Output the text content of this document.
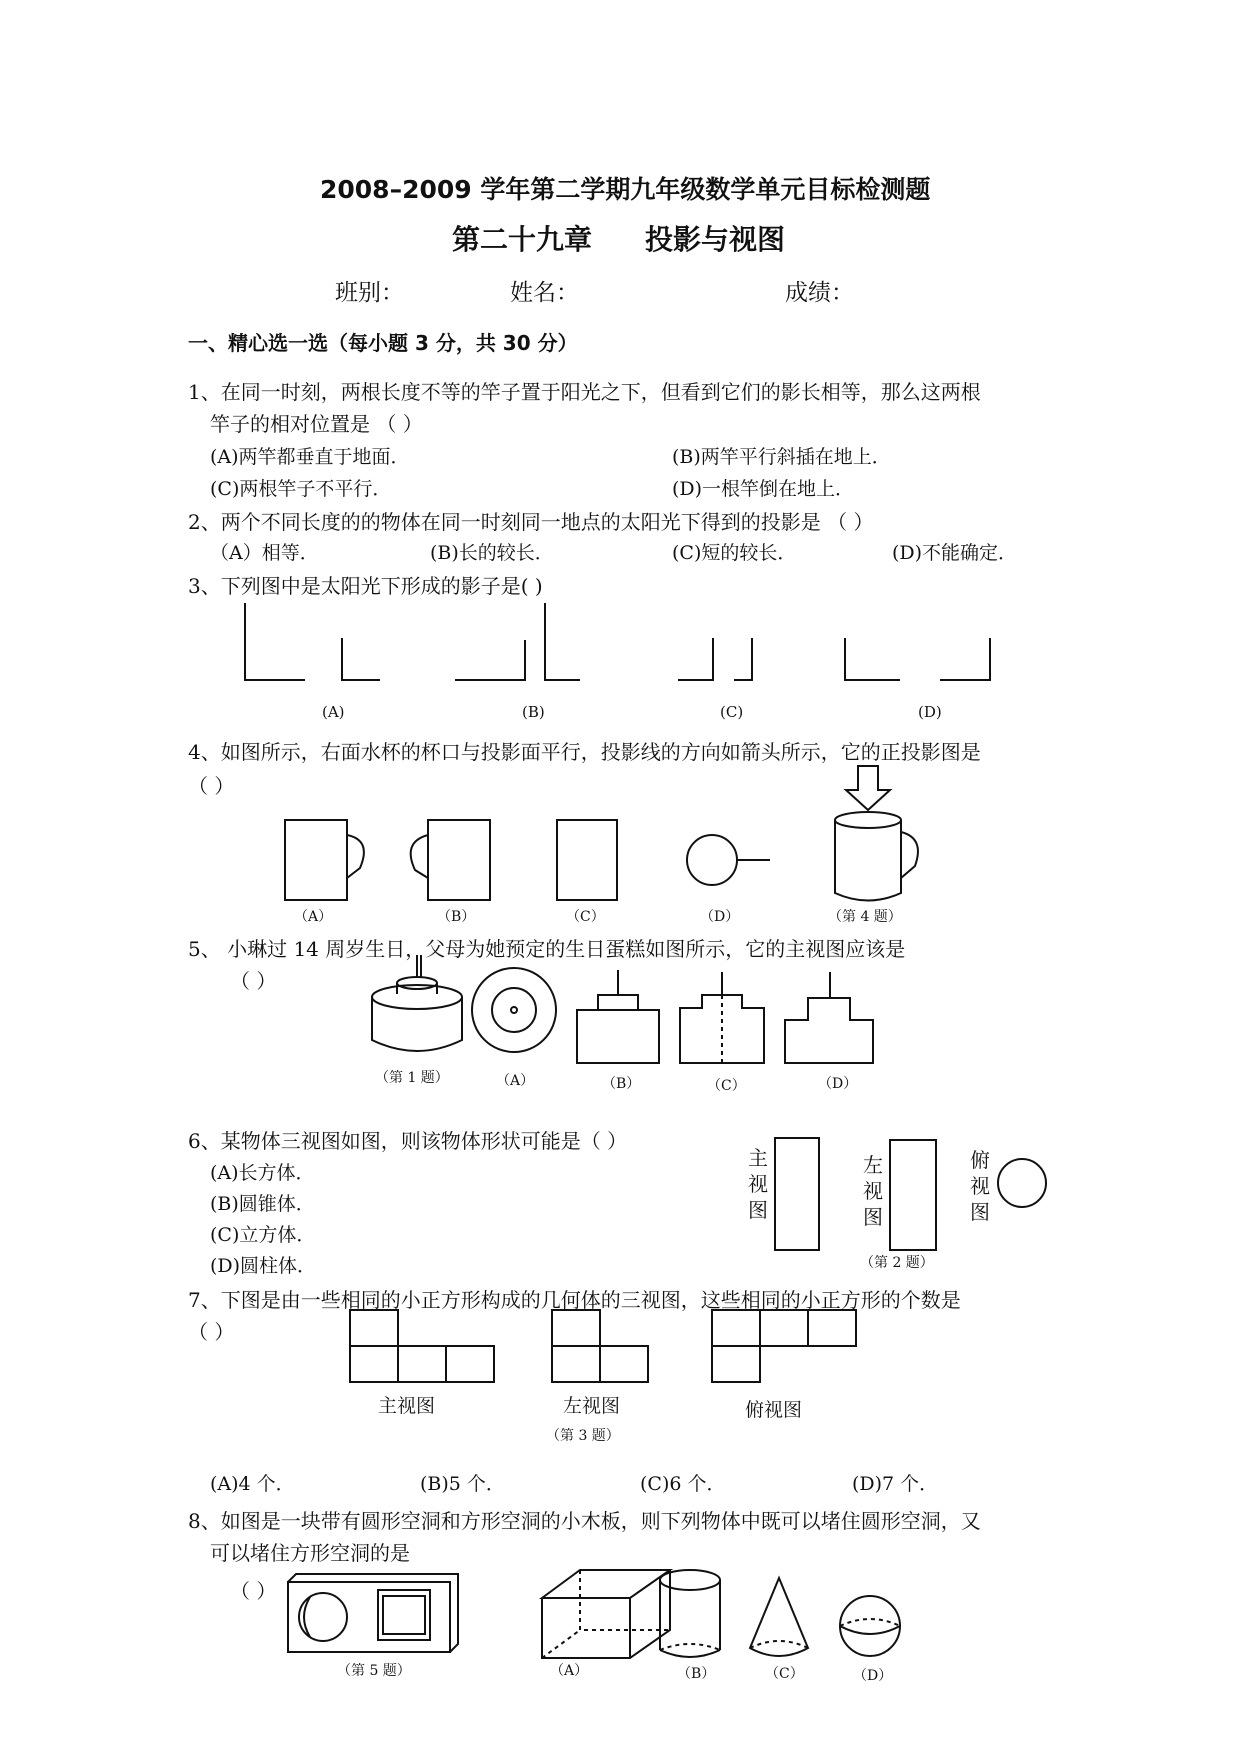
2008–2009 学年第二学期九年级数学单元目标检测题
第二十九章 投影与视图
班别：	姓名：	成绩：
一、精心选一选（每小题 3 分，共 30 分）
1、在同一时刻，两根长度不等的竿子置于阳光之下，但看到它们的影长相等，那么这两根
竿子的相对位置是 （ ）
(A)两竿都垂直于地面．	(B)两竿平行斜插在地上．
(C)两根竿子不平行．	(D)一根竿倒在地上．
2、两个不同长度的的物体在同一时刻同一地点的太阳光下得到的投影是 （ ）
（A）相等．	(B)长的较长．	(C)短的较长．	(D)不能确定．
3、下列图中是太阳光下形成的影子是( )
(A)	(B)	(C)	(D)
4、如图所示，右面水杯的杯口与投影面平行，投影线的方向如箭头所示，它的正投影图是
（ ）
（A）	（B）	（C）	（D）	（第 4 题）
5、 小琳过 14 周岁生日，父母为她预定的生日蛋糕如图所示，它的主视图应该是
（ ）
（第 1 题）	（A）	（B）	（C）	（D）
6、某物体三视图如图，则该物体形状可能是（ ）
(A)长方体．
(B)圆锥体．
(C)立方体．
(D)圆柱体．
主视图
左视图
俯视图
（第 2 题）
7、下图是由一些相同的小正方形构成的几何体的三视图，这些相同的小正方形的个数是
（ ）
主视图	左视图	俯视图
（第 3 题）
(A)4 个．	(B)5 个．	(C)6 个．	(D)7 个．
8、如图是一块带有圆形空洞和方形空洞的小木板，则下列物体中既可以堵住圆形空洞，又
可以堵住方形空洞的是
（ ）
（第 5 题）	（A）	（B）	（C）	（D）
